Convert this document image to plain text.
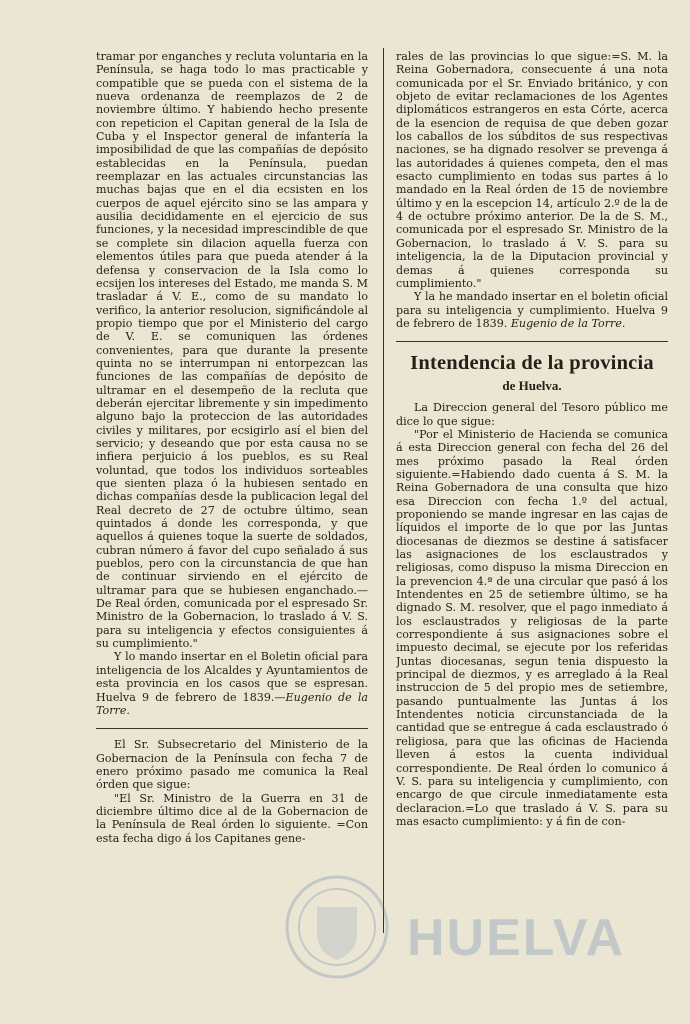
tramar por enganches y recluta voluntaria en la Península, se haga todo lo mas practicable y compatible que se pueda con el sistema de la nueva ordenanza de reemplazos de 2 de noviembre último. Y habiendo hecho presente con repeticion el Capitan general de la Isla de Cuba y el Inspector general de infantería la imposibilidad de que las compañías de depósito establecidas en la Península, puedan reemplazar en las actuales circunstancias las muchas bajas que en el dia ecsisten en los cuerpos de aquel ejército sino se las ampara y ausilia decididamente en el ejercicio de sus funciones, y la necesidad imprescindible de que se complete sin dilacion aquella fuerza con elementos útiles para que pueda atender á la defensa y conservacion de la Isla como lo ecsijen los intereses del Estado, me manda S. M trasladar á V. E., como de su mandato lo verifico, la anterior resolucion, significándole al propio tiempo que por el Ministerio del cargo de V. E. se comuniquen las órdenes convenientes, para que durante la presente quinta no se interrumpan ni entorpezcan las funciones de las compañías de depósito de ultramar en el desempeño de la recluta que deberán ejercitar libremente y sin impedimento alguno bajo la proteccion de las autoridades civiles y militares, por ecsigirlo así el bien del servicio; y deseando que por esta causa no se infiera perjuicio á los pueblos, es su Real voluntad, que todos los individuos sorteables que sienten plaza ó la hubiesen sentado en dichas compañías desde la publicacion legal del Real decreto de 27 de octubre último, sean quintados á donde les corresponda, y que aquellos á quienes toque la suerte de soldados, cubran número á favor del cupo señalado á sus pueblos, pero con la circunstancia de que han de continuar sirviendo en el ejército de ultramar para que se hubiesen enganchado.— De Real órden, comunicada por el espresado Sr. Ministro de la Gobernacion, lo traslado á V. S. para su inteligencia y efectos consiguientes á su cumplimiento."

Y lo mando insertar en el Boletin oficial para inteligencia de los Alcaldes y Ayuntamientos de esta provincia en los casos que se espresan. Huelva 9 de febrero de 1839.—Eugenio de la Torre.

El Sr. Subsecretario del Ministerio de la Gobernacion de la Península con fecha 7 de enero próximo pasado me comunica la Real órden que sigue:

"El Sr. Ministro de la Guerra en 31 de diciembre último dice al de la Gobernacion de la Península de Real órden lo siguiente. =Con esta fecha digo á los Capitanes gene-

rales de las provincias lo que sigue:=S. M. la Reina Gobernadora, consecuente á una nota comunicada por el Sr. Enviado británico, y con objeto de evitar reclamaciones de los Agentes diplomáticos estrangeros en esta Córte, acerca de la esencion de requisa de que deben gozar los caballos de los súbditos de sus respectivas naciones, se ha dignado resolver se prevenga á las autoridades á quienes competa, den el mas esacto cumplimiento en todas sus partes á lo mandado en la Real órden de 15 de noviembre último y en la escepcion 14, artículo 2.º de la de 4 de octubre próximo anterior. De la de S. M., comunicada por el espresado Sr. Ministro de la Gobernacion, lo traslado á V. S. para su inteligencia, la de la Diputacion provincial y demas á quienes corresponda su cumplimiento."

Y la he mandado insertar en el boletin oficial para su inteligencia y cumplimiento. Huelva 9 de febrero de 1839. Eugenio de la Torre.

Intendencia de la provincia
de Huelva.

La Direccion general del Tesoro público me dice lo que sigue:

"Por el Ministerio de Hacienda se comunica á esta Direccion general con fecha del 26 del mes próximo pasado la Real órden siguiente.=Habiendo dado cuenta á S. M. la Reina Gobernadora de una consulta que hizo esa Direccion con fecha 1.º del actual, proponiendo se mande ingresar en las cajas de líquidos el importe de lo que por las Juntas diocesanas de diezmos se destine á satisfacer las asignaciones de los esclaustrados y religiosas, como dispuso la misma Direccion en la prevencion 4.ª de una circular que pasó á los Intendentes en 25 de setiembre último, se ha dignado S. M. resolver, que el pago inmediato á los esclaustrados y religiosas de la parte correspondiente á sus asignaciones sobre el impuesto decimal, se ejecute por los referidas Juntas diocesanas, segun tenia dispuesto la principal de diezmos, y es arreglado á la Real instruccion de 5 del propio mes de setiembre, pasando puntualmente las Juntas á los Intendentes noticia circunstanciada de la cantidad que se entregue á cada esclaustrado ó religiosa, para que las oficinas de Hacienda lleven á estos la cuenta individual correspondiente. De Real órden lo comunico á V. S. para su inteligencia y cumplimiento, con encargo de que circule inmediatamente esta declaracion.=Lo que traslado á V. S. para su mas esacto cumplimiento: y á fin de con-

HUELVA
